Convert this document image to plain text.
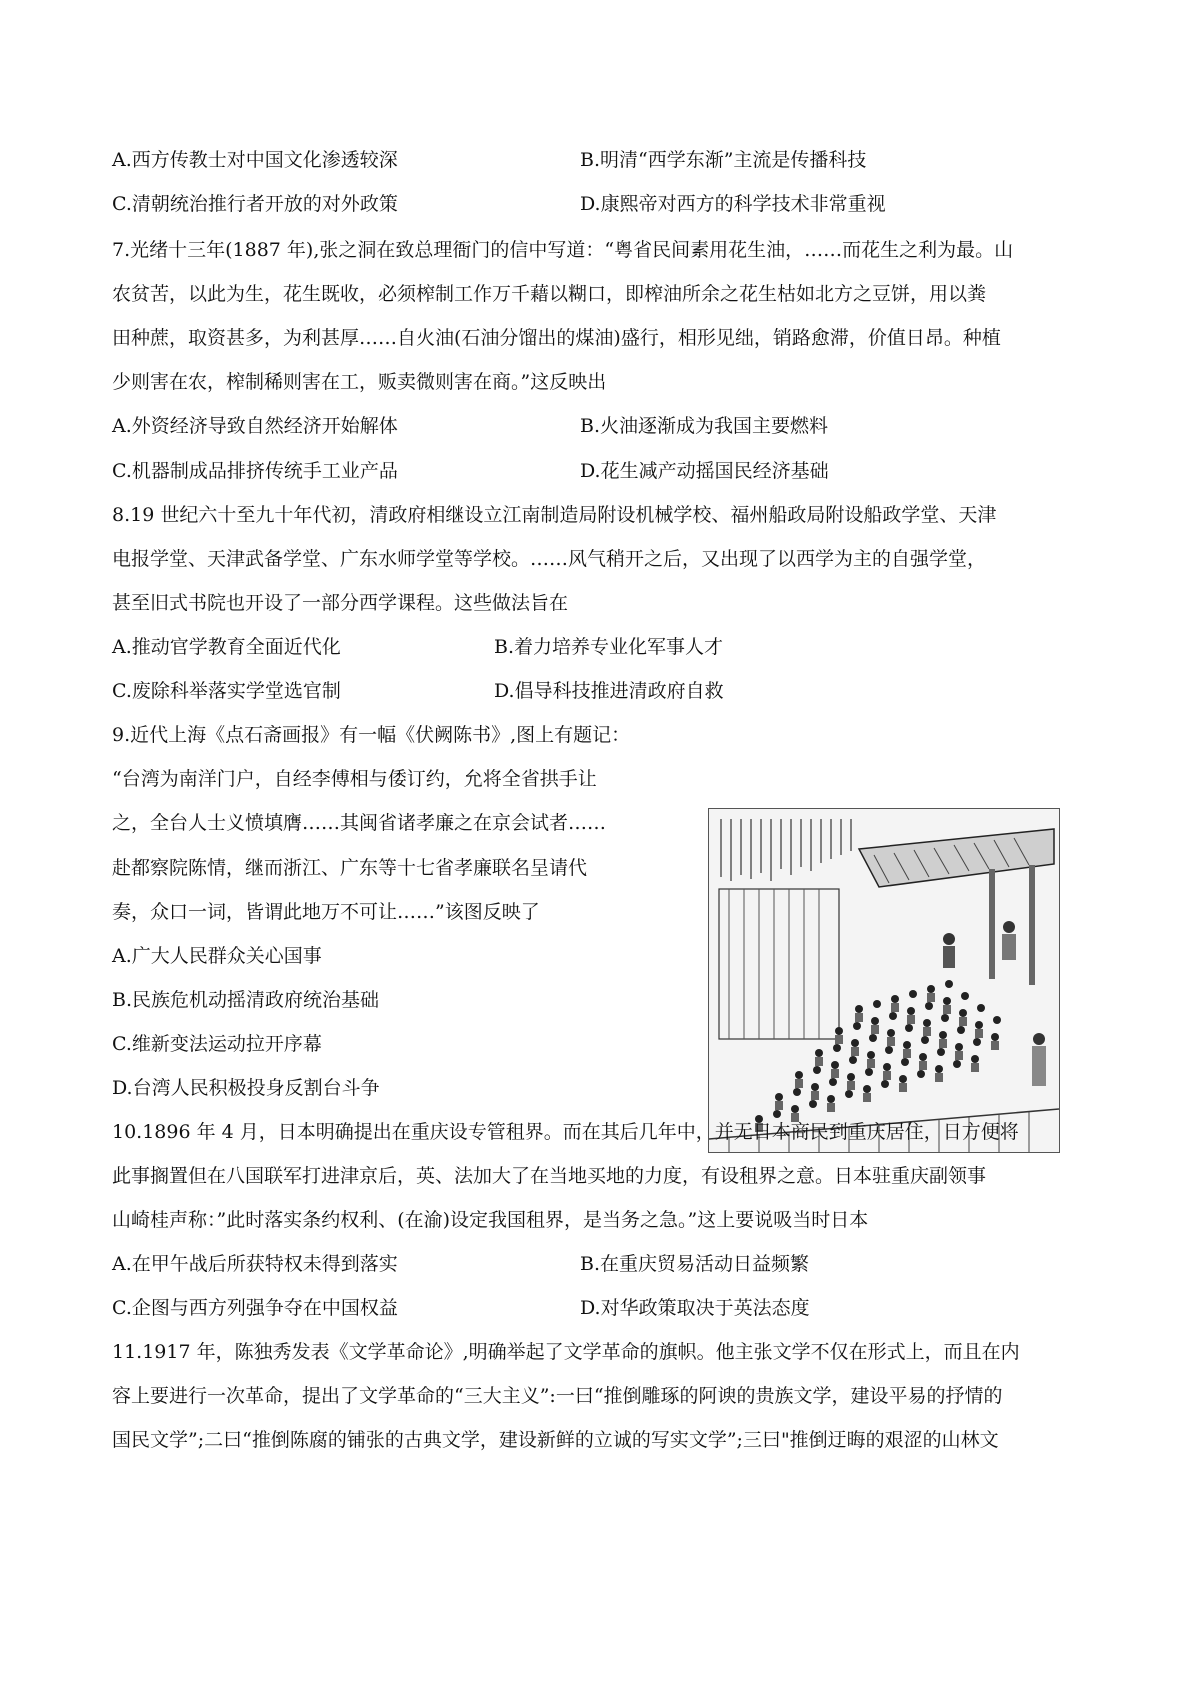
A.西方传教士对中国文化渗透较深	B.明清“西学东渐”主流是传播科技
C.清朝统治推行者开放的对外政策	D.康熙帝对西方的科学技术非常重视
7.光绪十三年(1887 年),张之洞在致总理衙门的信中写道：“粤省民间素用花生油，……而花生之利为最。山
农贫苦，以此为生，花生既收，必须榨制工作万千藉以糊口，即榨油所余之花生枯如北方之豆饼，用以粪
田种蔗，取资甚多，为利甚厚……自火油(石油分馏出的煤油)盛行，相形见绌，销路愈滞，价值日昂。种植
少则害在农，榨制稀则害在工，贩卖微则害在商。”这反映出
A.外资经济导致自然经济开始解体	B.火油逐渐成为我国主要燃料
C.机器制成品排挤传统手工业产品	D.花生减产动摇国民经济基础
8.19 世纪六十至九十年代初，清政府相继设立江南制造局附设机械学校、福州船政局附设船政学堂、天津
电报学堂、天津武备学堂、广东水师学堂等学校。……风气稍开之后，又出现了以西学为主的自强学堂，
甚至旧式书院也开设了一部分西学课程。这些做法旨在
A.推动官学教育全面近代化	B.着力培养专业化军事人才
C.废除科举落实学堂选官制	D.倡导科技推进清政府自救
9.近代上海《点石斋画报》有一幅《伏阙陈书》,图上有题记：
“台湾为南洋门户，自经李傅相与倭订约，允将全省拱手让
之，全台人士义愤填膺……其闽省诸孝廉之在京会试者……
赴都察院陈情，继而浙江、广东等十七省孝廉联名呈请代
奏，众口一词，皆谓此地万不可让……”该图反映了
A.广大人民群众关心国事
B.民族危机动摇清政府统治基础
C.维新变法运动拉开序幕
D.台湾人民积极投身反割台斗争
10.1896 年 4 月，日本明确提出在重庆设专管租界。而在其后几年中，并无日本商民到重庆居住，日方便将
此事搁置但在八国联军打进津京后，英、法加大了在当地买地的力度，有设租界之意。日本驻重庆副领事
山崎桂声称：”此时落实条约权利、(在渝)设定我国租界，是当务之急。”这上要说吸当时日本
A.在甲午战后所获特权未得到落实	B.在重庆贸易活动日益频繁
C.企图与西方列强争夺在中国权益	D.对华政策取决于英法态度
11.1917 年，陈独秀发表《文学革命论》,明确举起了文学革命的旗帜。他主张文学不仅在形式上，而且在内
容上要进行一次革命，提出了文学革命的“三大主义”:一曰“推倒雕琢的阿谀的贵族文学，建设平易的抒情的
国民文学”;二曰“推倒陈腐的铺张的古典文学，建设新鲜的立诚的写实文学”;三曰"推倒迂晦的艰涩的山林文
